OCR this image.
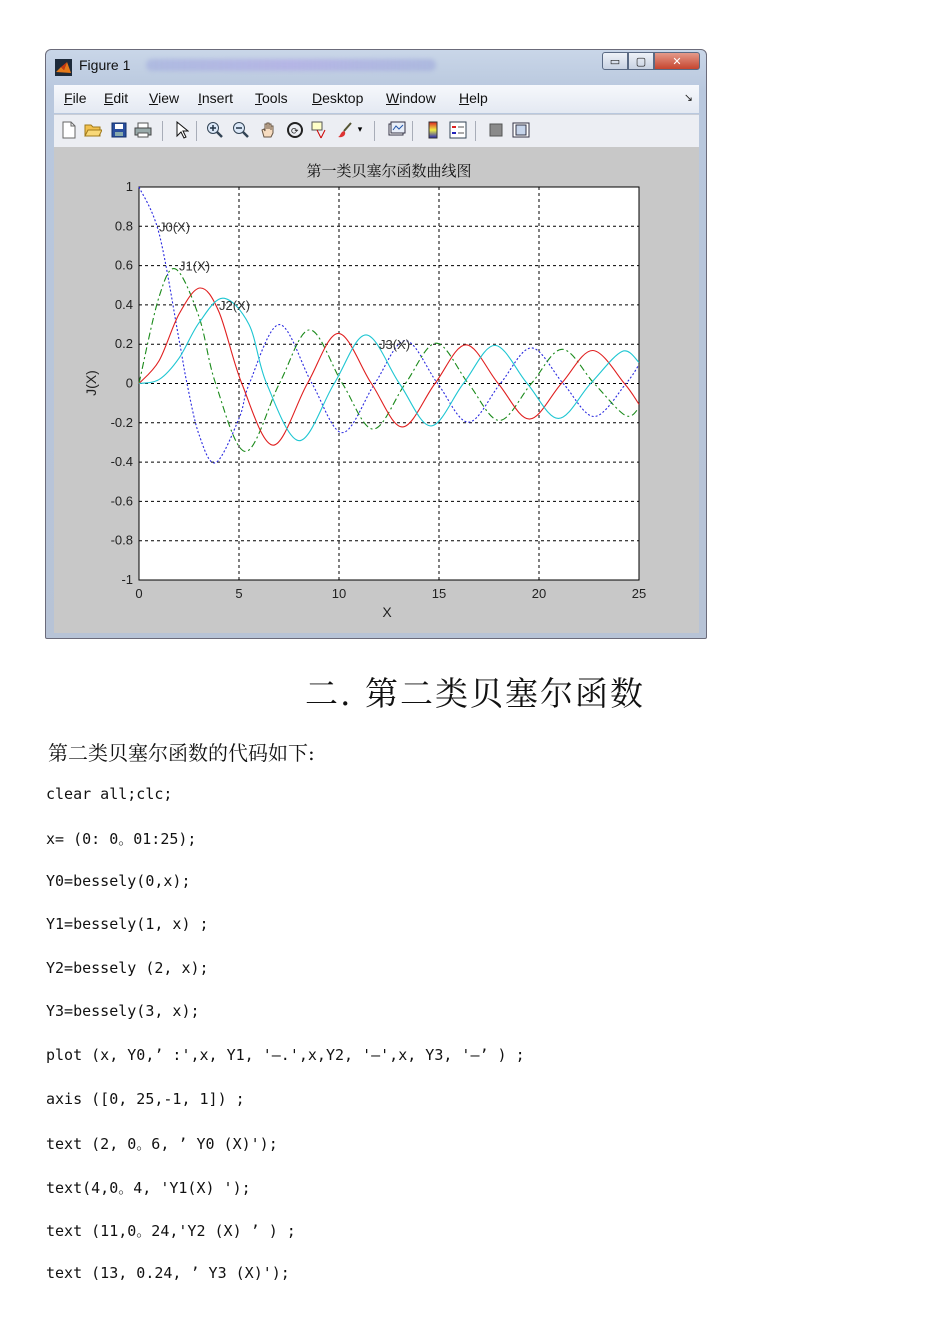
Figure 1	▭	▢	✕
File Edit View Insert Tools Desktop Window Help	↘
⟳	▾
0	5	10	15	20	25
1
0.8
0.6
0.4
0.2
0
-0.2
-0.4
-0.6
-0.8
-1
J0(X)
J1(X)
J2(X)
J3(X)
第一类贝塞尔函数曲线图
X
J(X)
二. 第二类贝塞尔函数
第二类贝塞尔函数的代码如下:
clear all;clc;
x= (0: 0。01:25);
Y0=bessely(0,x);
Y1=bessely(1, x) ;
Y2=bessely (2, x);
Y3=bessely(3, x);
plot (x, Y0,’ :',x, Y1, '—.',x,Y2, '—',x, Y3, '—’ ) ;
axis ([0, 25,-1, 1]) ;
text (2, 0。6, ’ Y0 (X)');
text(4,0。4, 'Y1(X) ');
text (11,0。24,'Y2 (X) ’ ) ;
text (13, 0.24, ’ Y3 (X)');
